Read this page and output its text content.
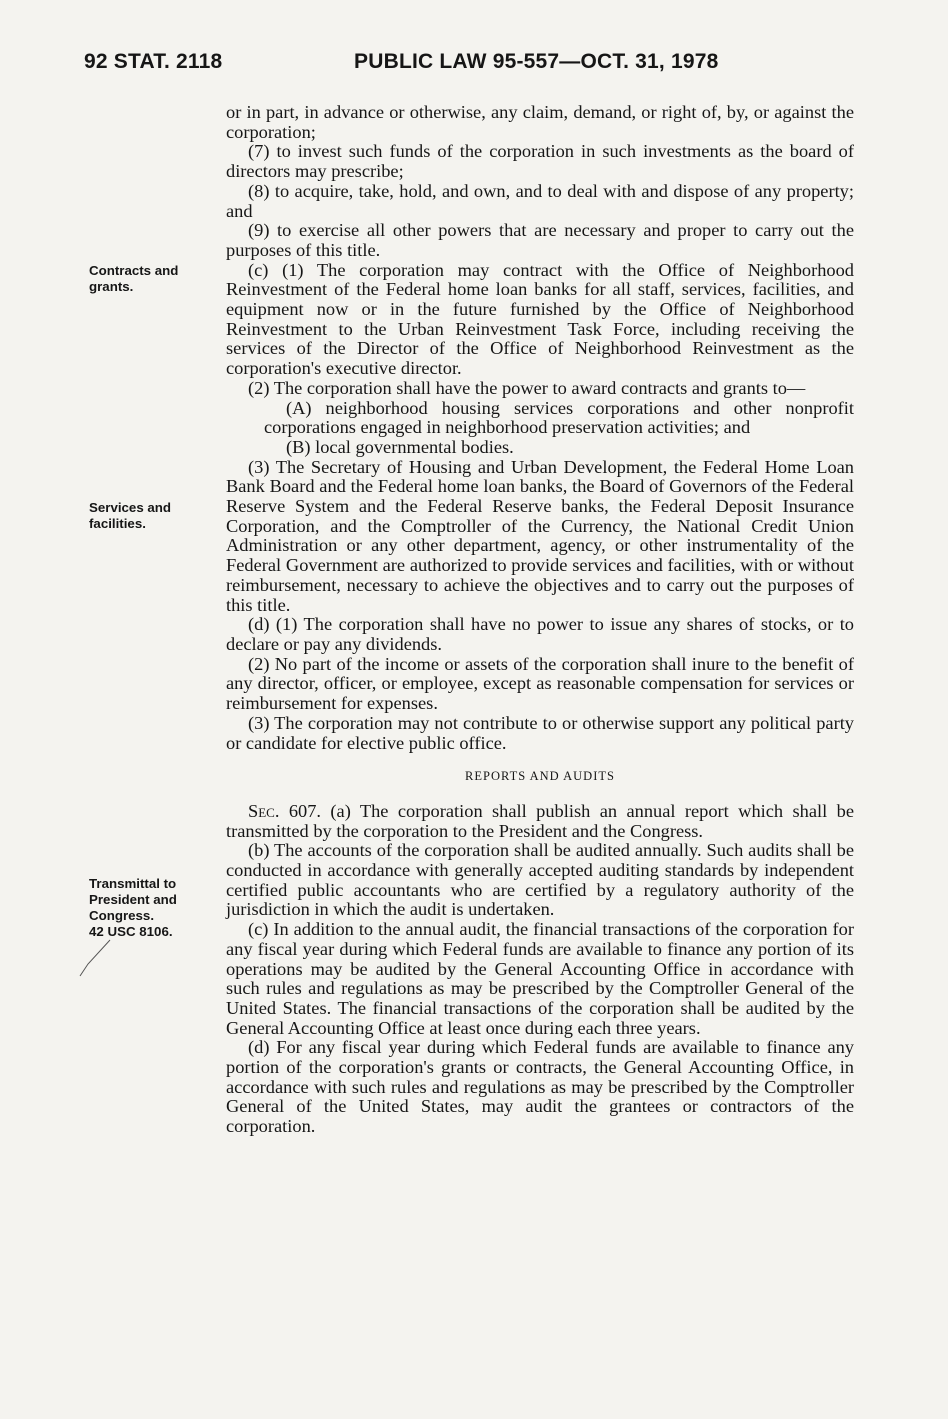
92 STAT. 2118	PUBLIC LAW 95-557—OCT. 31, 1978
Contracts and
grants.
Services and
facilities.
Transmittal to
President and
Congress.
42 USC 8106.

or in part, in advance or otherwise, any claim, demand, or right of, by, or against the corporation;

(7) to invest such funds of the corporation in such investments as the board of directors may prescribe;

(8) to acquire, take, hold, and own, and to deal with and dispose of any property; and

(9) to exercise all other powers that are necessary and proper to carry out the purposes of this title.

(c) (1) The corporation may contract with the Office of Neighborhood Reinvestment of the Federal home loan banks for all staff, services, facilities, and equipment now or in the future furnished by the Office of Neighborhood Reinvestment to the Urban Reinvestment Task Force, including receiving the services of the Director of the Office of Neighborhood Reinvestment as the corporation's executive director.

(2) The corporation shall have the power to award contracts and grants to—

(A) neighborhood housing services corporations and other nonprofit corporations engaged in neighborhood preservation activities; and

(B) local governmental bodies.

(3) The Secretary of Housing and Urban Development, the Federal Home Loan Bank Board and the Federal home loan banks, the Board of Governors of the Federal Reserve System and the Federal Reserve banks, the Federal Deposit Insurance Corporation, and the Comptroller of the Currency, the National Credit Union Administration or any other department, agency, or other instrumentality of the Federal Government are authorized to provide services and facilities, with or without reimbursement, necessary to achieve the objectives and to carry out the purposes of this title.

(d) (1) The corporation shall have no power to issue any shares of stocks, or to declare or pay any dividends.

(2) No part of the income or assets of the corporation shall inure to the benefit of any director, officer, or employee, except as reasonable compensation for services or reimbursement for expenses.

(3) The corporation may not contribute to or otherwise support any political party or candidate for elective public office.

REPORTS AND AUDITS

Sec. 607. (a) The corporation shall publish an annual report which shall be transmitted by the corporation to the President and the Congress.

(b) The accounts of the corporation shall be audited annually. Such audits shall be conducted in accordance with generally accepted auditing standards by independent certified public accountants who are certified by a regulatory authority of the jurisdiction in which the audit is undertaken.

(c) In addition to the annual audit, the financial transactions of the corporation for any fiscal year during which Federal funds are available to finance any portion of its operations may be audited by the General Accounting Office in accordance with such rules and regulations as may be prescribed by the Comptroller General of the United States. The financial transactions of the corporation shall be audited by the General Accounting Office at least once during each three years.

(d) For any fiscal year during which Federal funds are available to finance any portion of the corporation's grants or contracts, the General Accounting Office, in accordance with such rules and regulations as may be prescribed by the Comptroller General of the United States, may audit the grantees or contractors of the corporation.
